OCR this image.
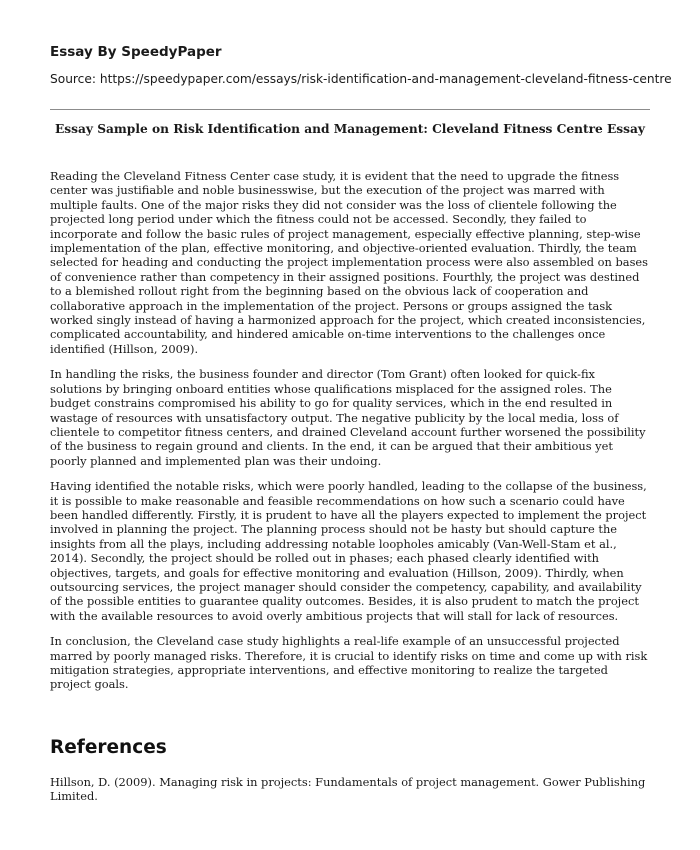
Essay By SpeedyPaper
Source: https://speedypaper.com/essays/risk-identification-and-management-cleveland-fitness-centre
Essay Sample on Risk Identification and Management: Cleveland Fitness Centre Essay

Reading the Cleveland Fitness Center case study, it is evident that the need to upgrade the fitness center was justifiable and noble businesswise, but the execution of the project was marred with multiple faults. One of the major risks they did not consider was the loss of clientele following the projected long period under which the fitness could not be accessed. Secondly, they failed to incorporate and follow the basic rules of project management, especially effective planning, step-wise implementation of the plan, effective monitoring, and objective-oriented evaluation. Thirdly, the team selected for heading and conducting the project implementation process were also assembled on bases of convenience rather than competency in their assigned positions. Fourthly, the project was destined to a blemished rollout right from the beginning based on the obvious lack of cooperation and collaborative approach in the implementation of the project. Persons or groups assigned the task worked singly instead of having a harmonized approach for the project, which created inconsistencies, complicated accountability, and hindered amicable on-time interventions to the challenges once identified (Hillson, 2009).

In handling the risks, the business founder and director (Tom Grant) often looked for quick-fix solutions by bringing onboard entities whose qualifications misplaced for the assigned roles. The budget constrains compromised his ability to go for quality services, which in the end resulted in wastage of resources with unsatisfactory output. The negative publicity by the local media, loss of clientele to competitor fitness centers, and drained Cleveland account further worsened the possibility of the business to regain ground and clients. In the end, it can be argued that their ambitious yet poorly planned and implemented plan was their undoing.

Having identified the notable risks, which were poorly handled, leading to the collapse of the business, it is possible to make reasonable and feasible recommendations on how such a scenario could have been handled differently. Firstly, it is prudent to have all the players expected to implement the project involved in planning the project. The planning process should not be hasty but should capture the insights from all the plays, including addressing notable loopholes amicably (Van-Well-Stam et al., 2014). Secondly, the project should be rolled out in phases; each phased clearly identified with objectives, targets, and goals for effective monitoring and evaluation (Hillson, 2009). Thirdly, when outsourcing services, the project manager should consider the competency, capability, and availability of the possible entities to guarantee quality outcomes. Besides, it is also prudent to match the project with the available resources to avoid overly ambitious projects that will stall for lack of resources.

In conclusion, the Cleveland case study highlights a real-life example of an unsuccessful projected marred by poorly managed risks. Therefore, it is crucial to identify risks on time and come up with risk mitigation strategies, appropriate interventions, and effective monitoring to realize the targeted project goals.

References

Hillson, D. (2009). Managing risk in projects: Fundamentals of project management. Gower Publishing Limited.
